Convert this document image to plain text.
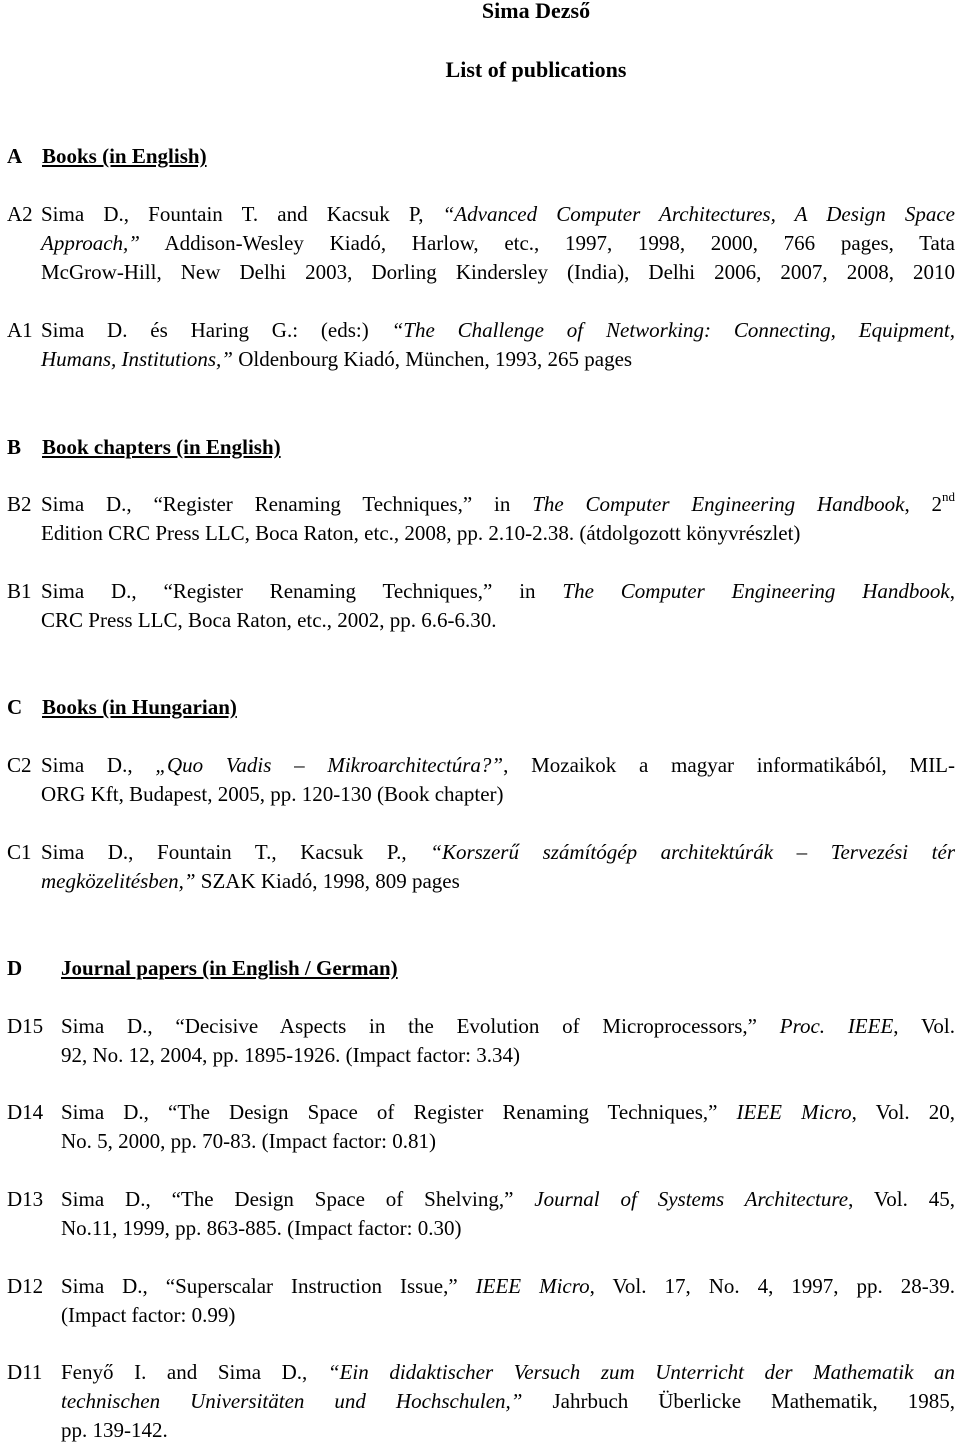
Sima Dezső
List of publications
A Books (in English)
A2 Sima D., Fountain T. and Kacsuk P, “Advanced Computer Architectures, A Design Space
Approach,” Addison-Wesley Kiadó, Harlow, etc., 1997, 1998, 2000, 766 pages, Tata
McGrow-Hill, New Delhi 2003, Dorling Kindersley (India), Delhi 2006, 2007, 2008, 2010
A1 Sima D. és Haring G.: (eds:) “The Challenge of Networking: Connecting, Equipment,
Humans, Institutions,” Oldenbourg Kiadó, München, 1993, 265 pages
B Book chapters (in English)
B2 Sima D., “Register Renaming Techniques,” in The Computer Engineering Handbook, 2nd
Edition CRC Press LLC, Boca Raton, etc., 2008, pp. 2.10-2.38. (átdolgozott könyvrészlet)
B1 Sima D., “Register Renaming Techniques,” in The Computer Engineering Handbook,
CRC Press LLC, Boca Raton, etc., 2002, pp. 6.6-6.30.
C Books (in Hungarian)
C2 Sima D., „Quo Vadis – Mikroarchitectúra?”, Mozaikok a magyar informatikából, MIL-
ORG Kft, Budapest, 2005, pp. 120-130 (Book chapter)
C1 Sima D., Fountain T., Kacsuk P., “Korszerű számítógép architektúrák – Tervezési tér
megközelitésben,” SZAK Kiadó, 1998, 809 pages
D Journal papers (in English / German)
D15 Sima D., “Decisive Aspects in the Evolution of Microprocessors,” Proc. IEEE, Vol.
92, No. 12, 2004, pp. 1895-1926. (Impact factor: 3.34)
D14 Sima D., “The Design Space of Register Renaming Techniques,” IEEE Micro, Vol. 20,
No. 5, 2000, pp. 70-83. (Impact factor: 0.81)
D13 Sima D., “The Design Space of Shelving,” Journal of Systems Architecture, Vol. 45,
No.11, 1999, pp. 863-885. (Impact factor: 0.30)
D12 Sima D., “Superscalar Instruction Issue,” IEEE Micro, Vol. 17, No. 4, 1997, pp. 28-39.
(Impact factor: 0.99)
D11 Fenyő I. and Sima D., “Ein didaktischer Versuch zum Unterricht der Mathematik an
technischen Universitäten und Hochschulen,” Jahrbuch Überlicke Mathematik, 1985,
pp. 139-142.
